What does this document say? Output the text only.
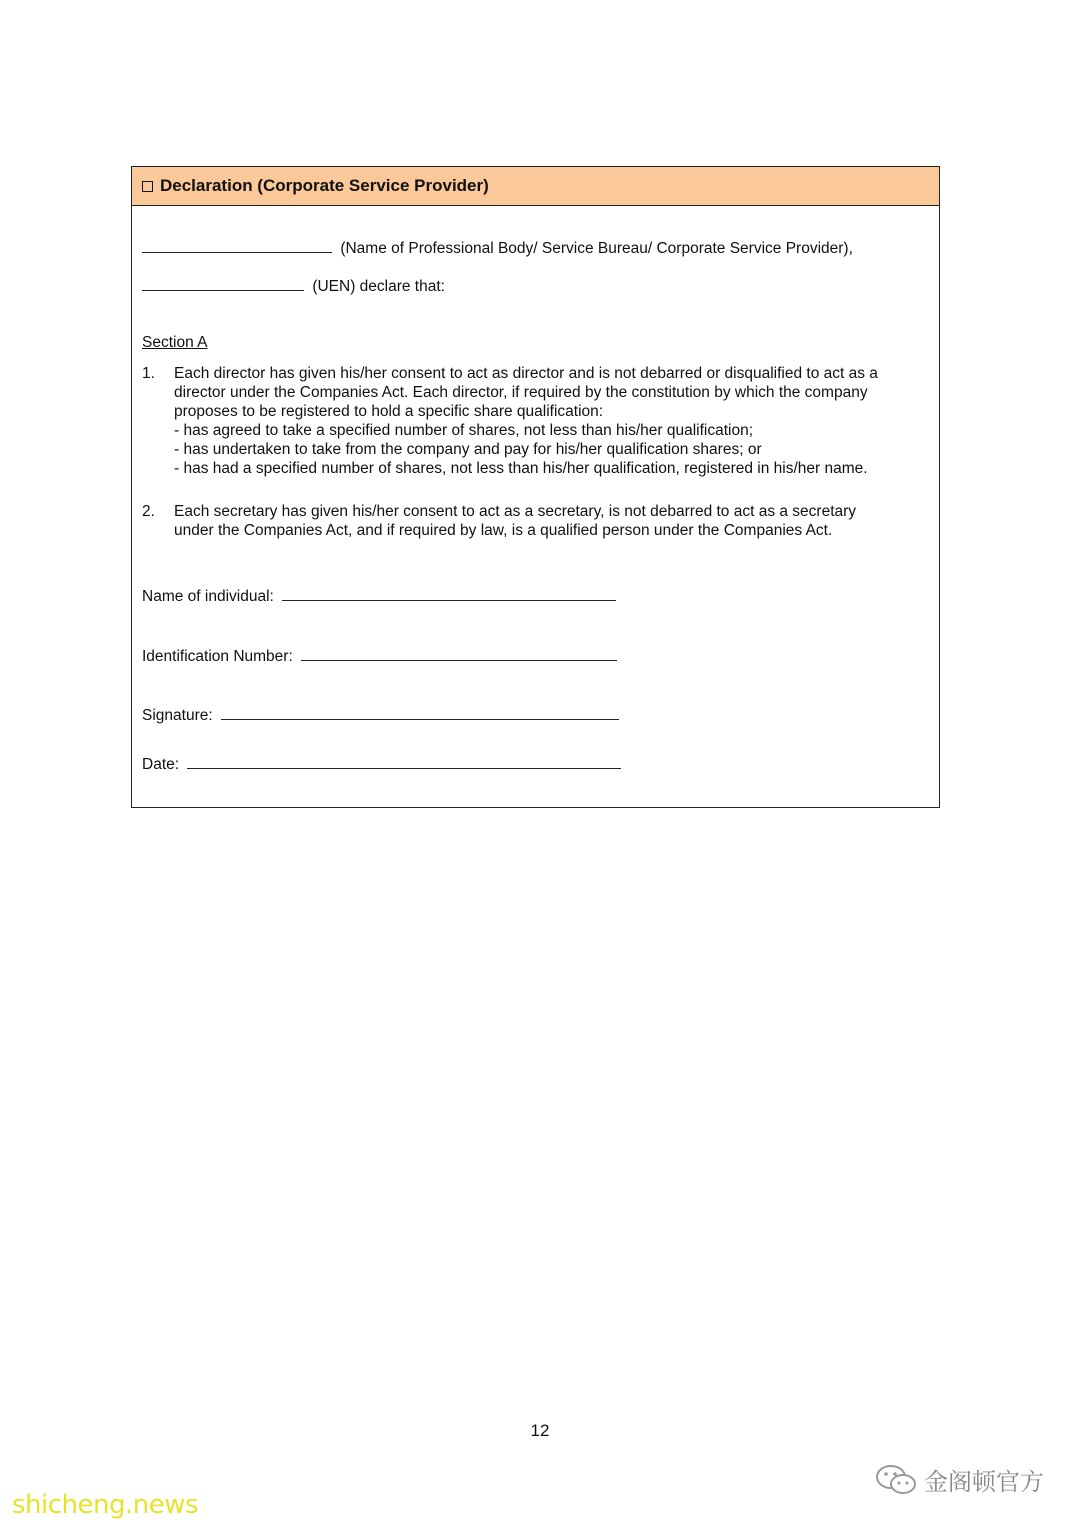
Declaration (Corporate Service Provider)
(Name of Professional Body/ Service Bureau/ Corporate Service Provider),
(UEN) declare that:
Section A
1.	Each director has given his/her consent to act as director and is not debarred or disqualified to act as a
director under the Companies Act. Each director, if required by the constitution by which the company
proposes to be registered to hold a specific share qualification:
- has agreed to take a specified number of shares, not less than his/her qualification;
- has undertaken to take from the company and pay for his/her qualification shares; or
- has had a specified number of shares, not less than his/her qualification, registered in his/her name.
2.	Each secretary has given his/her consent to act as a secretary, is not debarred to act as a secretary
under the Companies Act, and if required by law, is a qualified person under the Companies Act.
Name of individual:
Identification Number:
Signature:
Date:
12
shicheng.news
金阁顿官方
